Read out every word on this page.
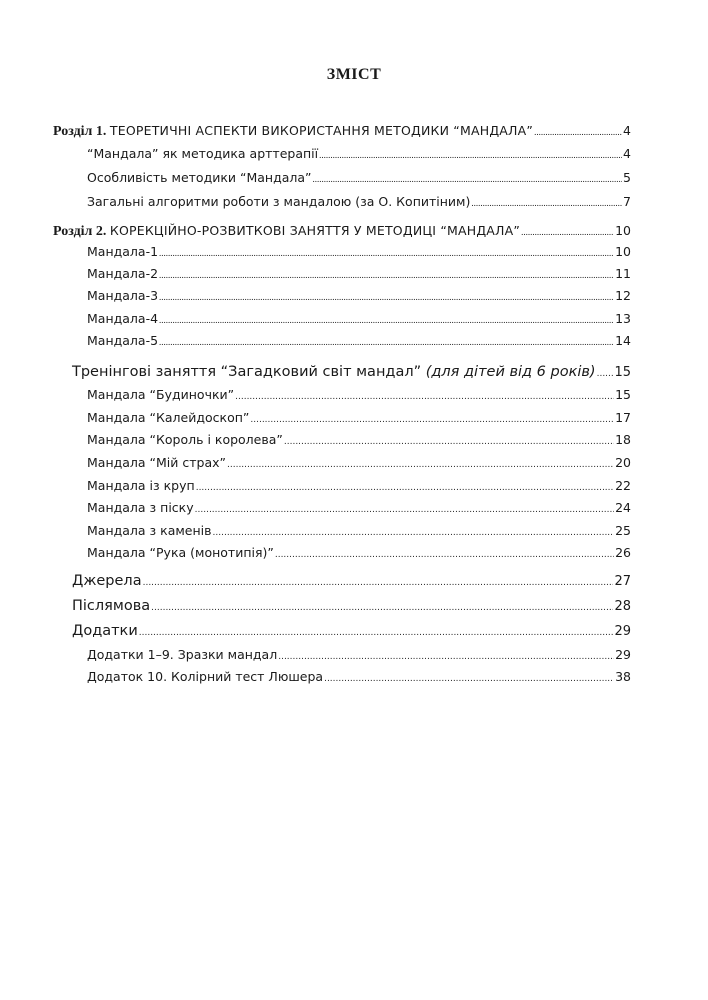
ЗМІСТ
Розділ 1. ТЕОРЕТИЧНІ АСПЕКТИ ВИКОРИСТАННЯ МЕТОДИКИ “МАНДАЛА” .....	4
“Мандала” як методика арттерапії .....	4
Особливість методики “Мандала” .....	5
Загальні алгоритми роботи з мандалою (за О. Копитіним) .....	7
Розділ 2. КОРЕКЦІЙНО-РОЗВИТКОВІ ЗАНЯТТЯ У МЕТОДИЦІ “МАНДАЛА” .....	10
Мандала-1 .....	10
Мандала-2 .....	11
Мандала-3 .....	12
Мандала-4 .....	13
Мандала-5 .....	14
Тренінгові заняття “Загадковий світ мандал” (для дітей від 6 років) ..... 15
Мандала “Будиночки” .....	15
Мандала “Калейдоскоп” .....	17
Мандала “Король і королева” .....	18
Мандала “Мій страх” .....	20
Мандала із круп .....	22
Мандала з піску .....	24
Мандала з каменів .....	25
Мандала “Рука (монотипія)” .....	26
Джерела .....	27
Післямова .....	28
Додатки .....	29
Додатки 1–9. Зразки мандал .....	29
Додаток 10. Колірний тест Люшера .....	38
